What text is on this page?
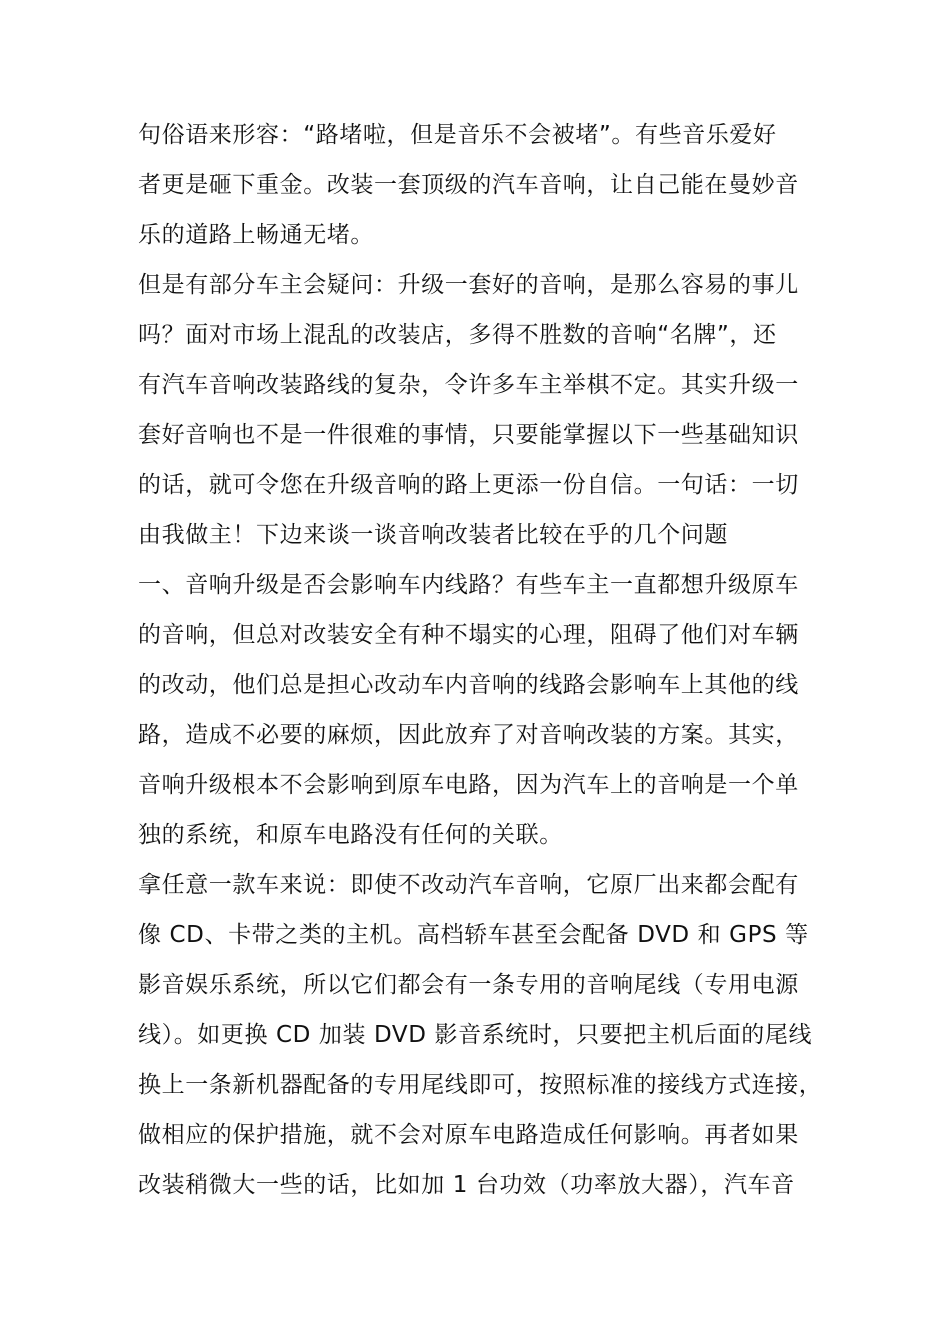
句俗语来形容：“路堵啦，但是音乐不会被堵”。有些音乐爱好
者更是砸下重金。改装一套顶级的汽车音响，让自己能在曼妙音
乐的道路上畅通无堵。
但是有部分车主会疑问：升级一套好的音响，是那么容易的事儿
吗？面对市场上混乱的改装店，多得不胜数的音响“名牌”，还
有汽车音响改装路线的复杂，令许多车主举棋不定。其实升级一
套好音响也不是一件很难的事情，只要能掌握以下一些基础知识
的话，就可令您在升级音响的路上更添一份自信。一句话：一切
由我做主！下边来谈一谈音响改装者比较在乎的几个问题
一、音响升级是否会影响车内线路？有些车主一直都想升级原车
的音响，但总对改装安全有种不塌实的心理，阻碍了他们对车辆
的改动，他们总是担心改动车内音响的线路会影响车上其他的线
路，造成不必要的麻烦，因此放弃了对音响改装的方案。其实，
音响升级根本不会影响到原车电路，因为汽车上的音响是一个单
独的系统，和原车电路没有任何的关联。
拿任意一款车来说：即使不改动汽车音响，它原厂出来都会配有
像 CD、卡带之类的主机。高档轿车甚至会配备 DVD 和 GPS 等
影音娱乐系统，所以它们都会有一条专用的音响尾线（专用电源
线）。如更换 CD 加装 DVD 影音系统时，只要把主机后面的尾线
换上一条新机器配备的专用尾线即可，按照标准的接线方式连接，
做相应的保护措施，就不会对原车电路造成任何影响。再者如果
改装稍微大一些的话，比如加 1 台功效（功率放大器），汽车音
